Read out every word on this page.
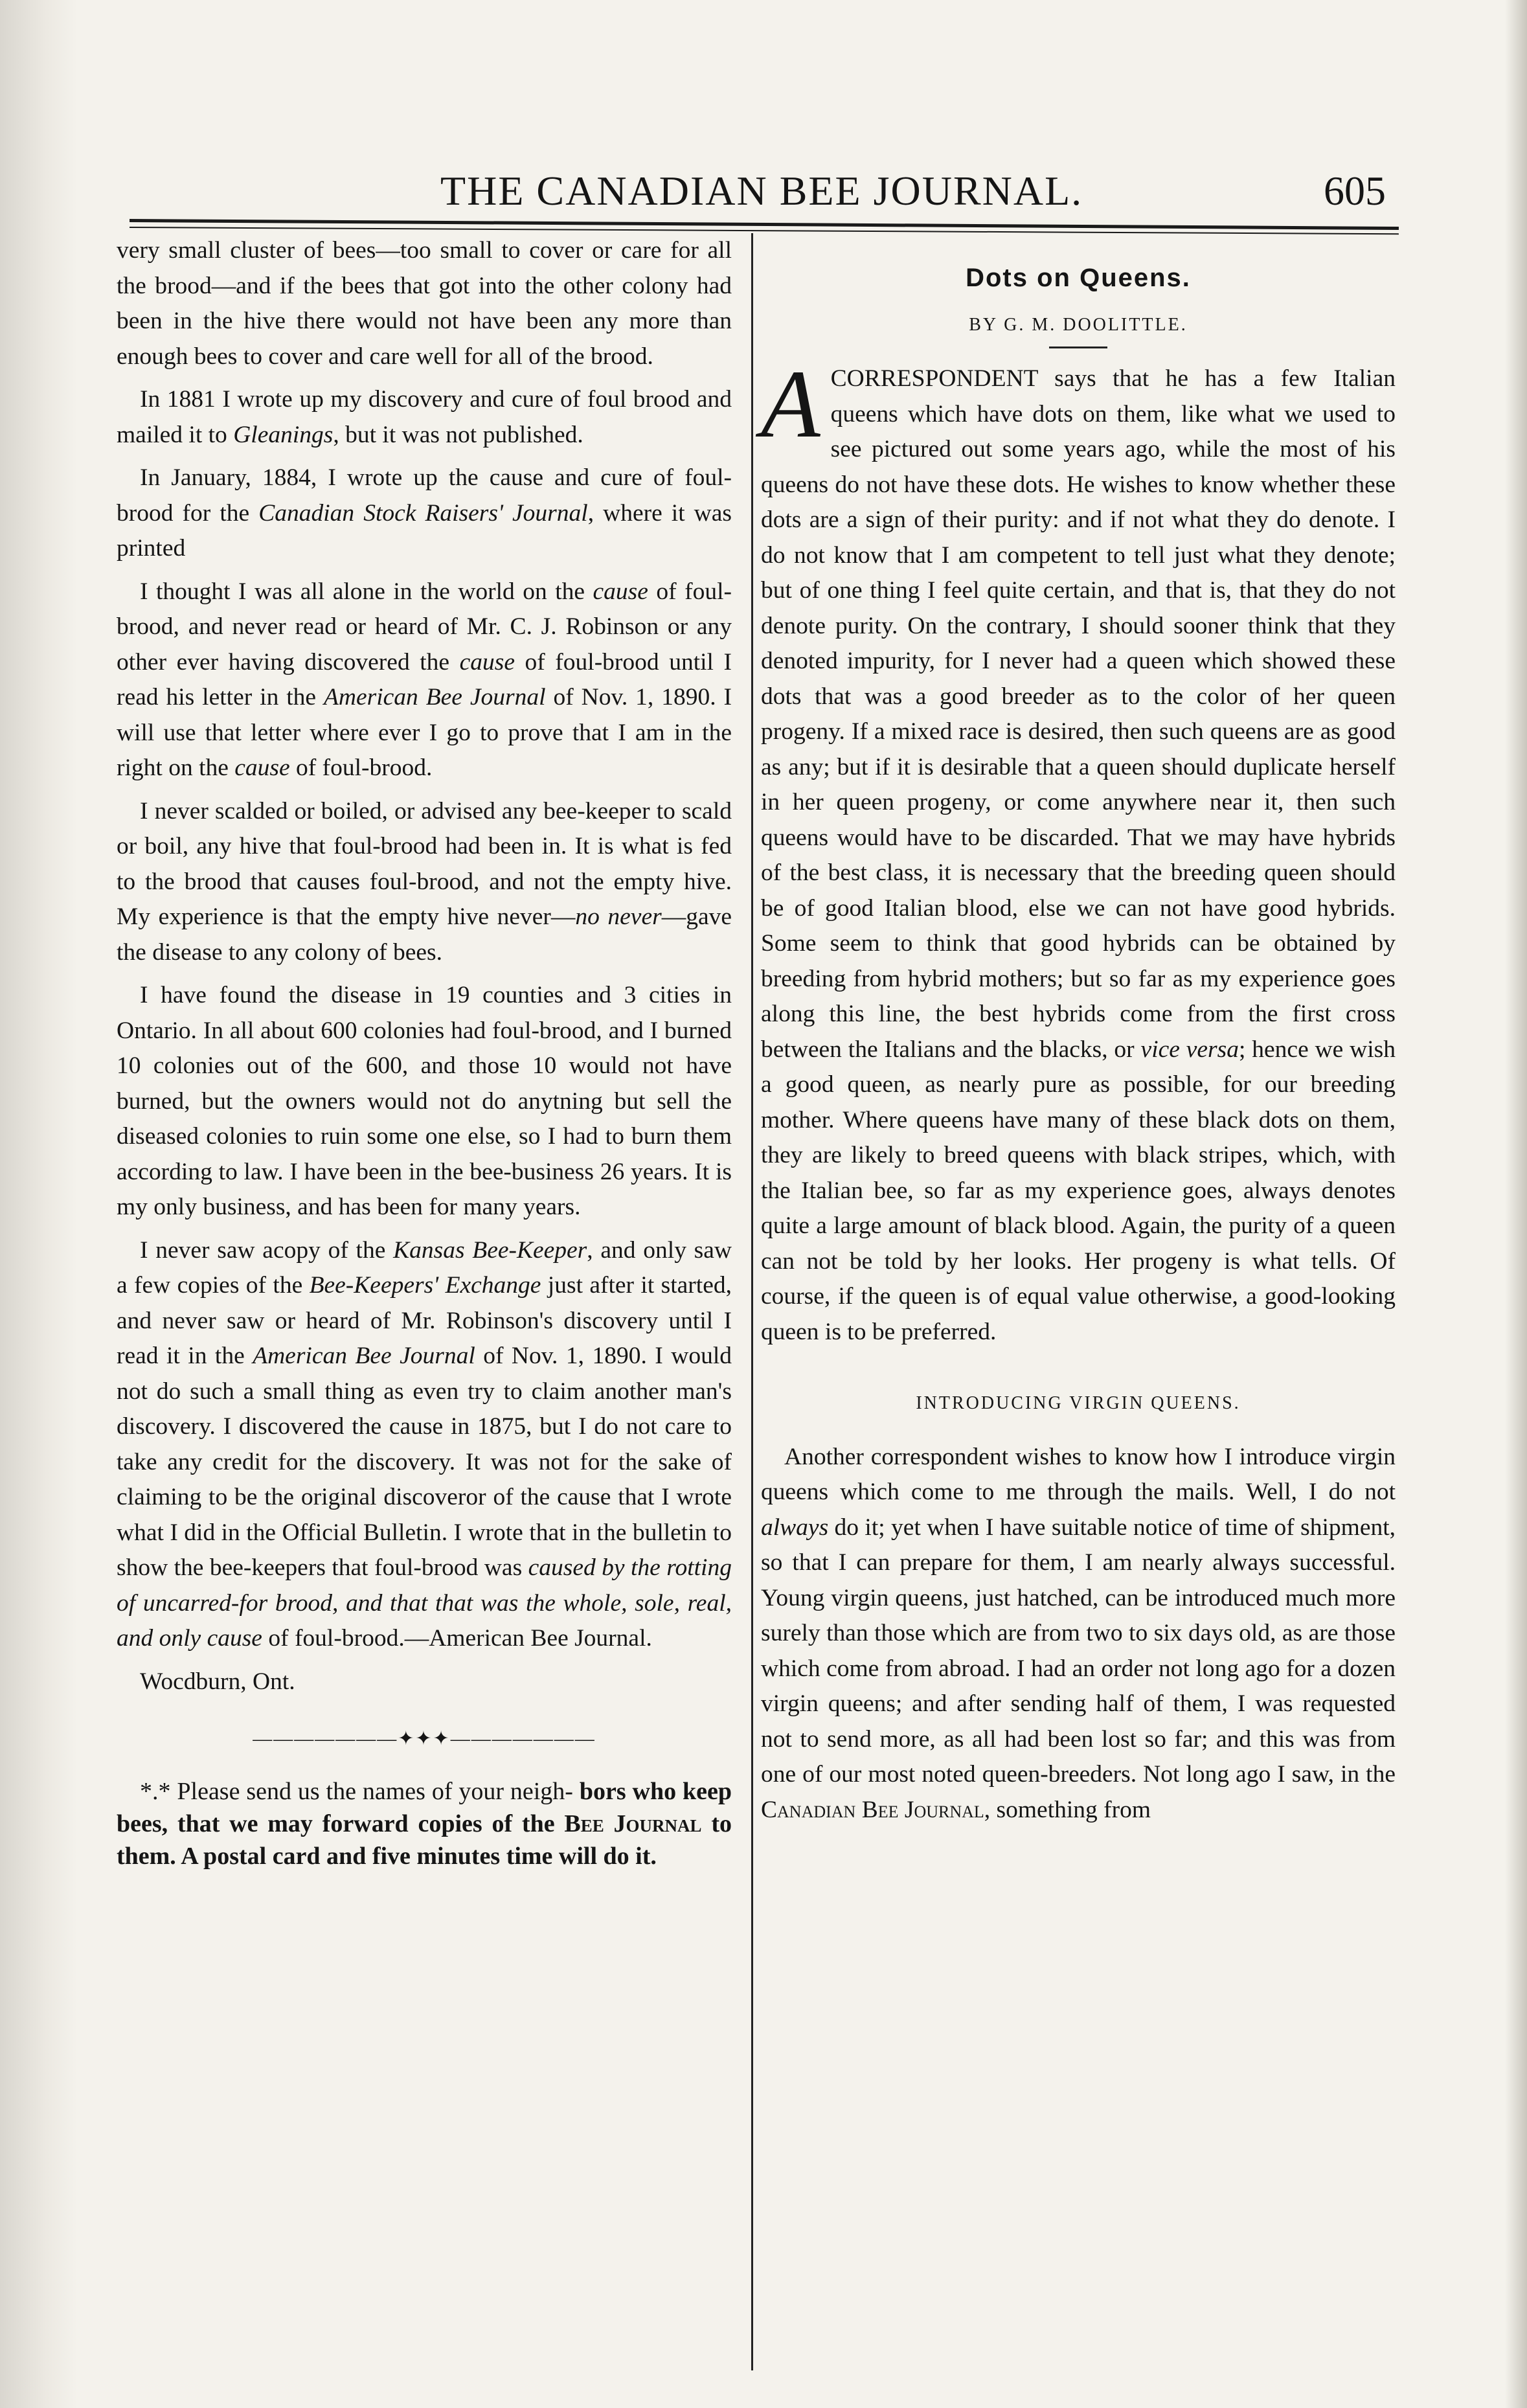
THE CANADIAN BEE JOURNAL.	605

very small cluster of bees—too small to cover or care for all the brood—and if the bees that got into the other colony had been in the hive there would not have been any more than enough bees to cover and care well for all of the brood.

In 1881 I wrote up my discovery and cure of foul brood and mailed it to Gleanings, but it was not published.

In January, 1884, I wrote up the cause and cure of foul-brood for the Canadian Stock Raisers' Journal, where it was printed

I thought I was all alone in the world on the cause of foul-brood, and never read or heard of Mr. C. J. Robinson or any other ever having discovered the cause of foul-brood until I read his letter in the American Bee Journal of Nov. 1, 1890. I will use that letter where ever I go to prove that I am in the right on the cause of foul-brood.

I never scalded or boiled, or advised any bee-keeper to scald or boil, any hive that foul-brood had been in. It is what is fed to the brood that causes foul-brood, and not the empty hive. My experience is that the empty hive never—no never—gave the disease to any colony of bees.

I have found the disease in 19 counties and 3 cities in Ontario. In all about 600 colonies had foul-brood, and I burned 10 colonies out of the 600, and those 10 would not have burned, but the owners would not do anytning but sell the diseased colonies to ruin some one else, so I had to burn them according to law. I have been in the bee-business 26 years. It is my only business, and has been for many years.

I never saw acopy of the Kansas Bee-Keeper, and only saw a few copies of the Bee-Keepers' Exchange just after it started, and never saw or heard of Mr. Robinson's discovery until I read it in the American Bee Journal of Nov. 1, 1890. I would not do such a small thing as even try to claim another man's discovery. I discovered the cause in 1875, but I do not care to take any credit for the discovery. It was not for the sake of claiming to be the original discoveror of the cause that I wrote what I did in the Official Bulletin. I wrote that in the bulletin to show the bee-keepers that foul-brood was caused by the rotting of uncarred-for brood, and that that was the whole, sole, real, and only cause of foul-brood.—American Bee Journal.

Wocdburn, Ont.

―――――――✦✦✦―――――――

*.* Please send us the names of your neigh- bors who keep bees, that we may forward copies of the Bee Journal to them. A postal card and five minutes time will do it.

Dots on Queens.
BY G. M. DOOLITTLE.

A CORRESPONDENT says that he has a few Italian queens which have dots on them, like what we used to see pictured out some years ago, while the most of his queens do not have these dots. He wishes to know whether these dots are a sign of their purity: and if not what they do denote. I do not know that I am competent to tell just what they denote; but of one thing I feel quite certain, and that is, that they do not denote purity. On the contrary, I should sooner think that they denoted impurity, for I never had a queen which showed these dots that was a good breeder as to the color of her queen progeny. If a mixed race is desired, then such queens are as good as any; but if it is desirable that a queen should duplicate herself in her queen progeny, or come anywhere near it, then such queens would have to be discarded. That we may have hybrids of the best class, it is necessary that the breeding queen should be of good Italian blood, else we can not have good hybrids. Some seem to think that good hybrids can be obtained by breeding from hybrid mothers; but so far as my experience goes along this line, the best hybrids come from the first cross between the Italians and the blacks, or vice versa; hence we wish a good queen, as nearly pure as possible, for our breeding mother. Where queens have many of these black dots on them, they are likely to breed queens with black stripes, which, with the Italian bee, so far as my experience goes, always denotes quite a large amount of black blood. Again, the purity of a queen can not be told by her looks. Her progeny is what tells. Of course, if the queen is of equal value otherwise, a good-looking queen is to be preferred.

INTRODUCING VIRGIN QUEENS.

Another correspondent wishes to know how I introduce virgin queens which come to me through the mails. Well, I do not always do it; yet when I have suitable notice of time of shipment, so that I can prepare for them, I am nearly always successful. Young virgin queens, just hatched, can be introduced much more surely than those which are from two to six days old, as are those which come from abroad. I had an order not long ago for a dozen virgin queens; and after sending half of them, I was requested not to send more, as all had been lost so far; and this was from one of our most noted queen-breeders. Not long ago I saw, in the Canadian Bee Journal, something from
